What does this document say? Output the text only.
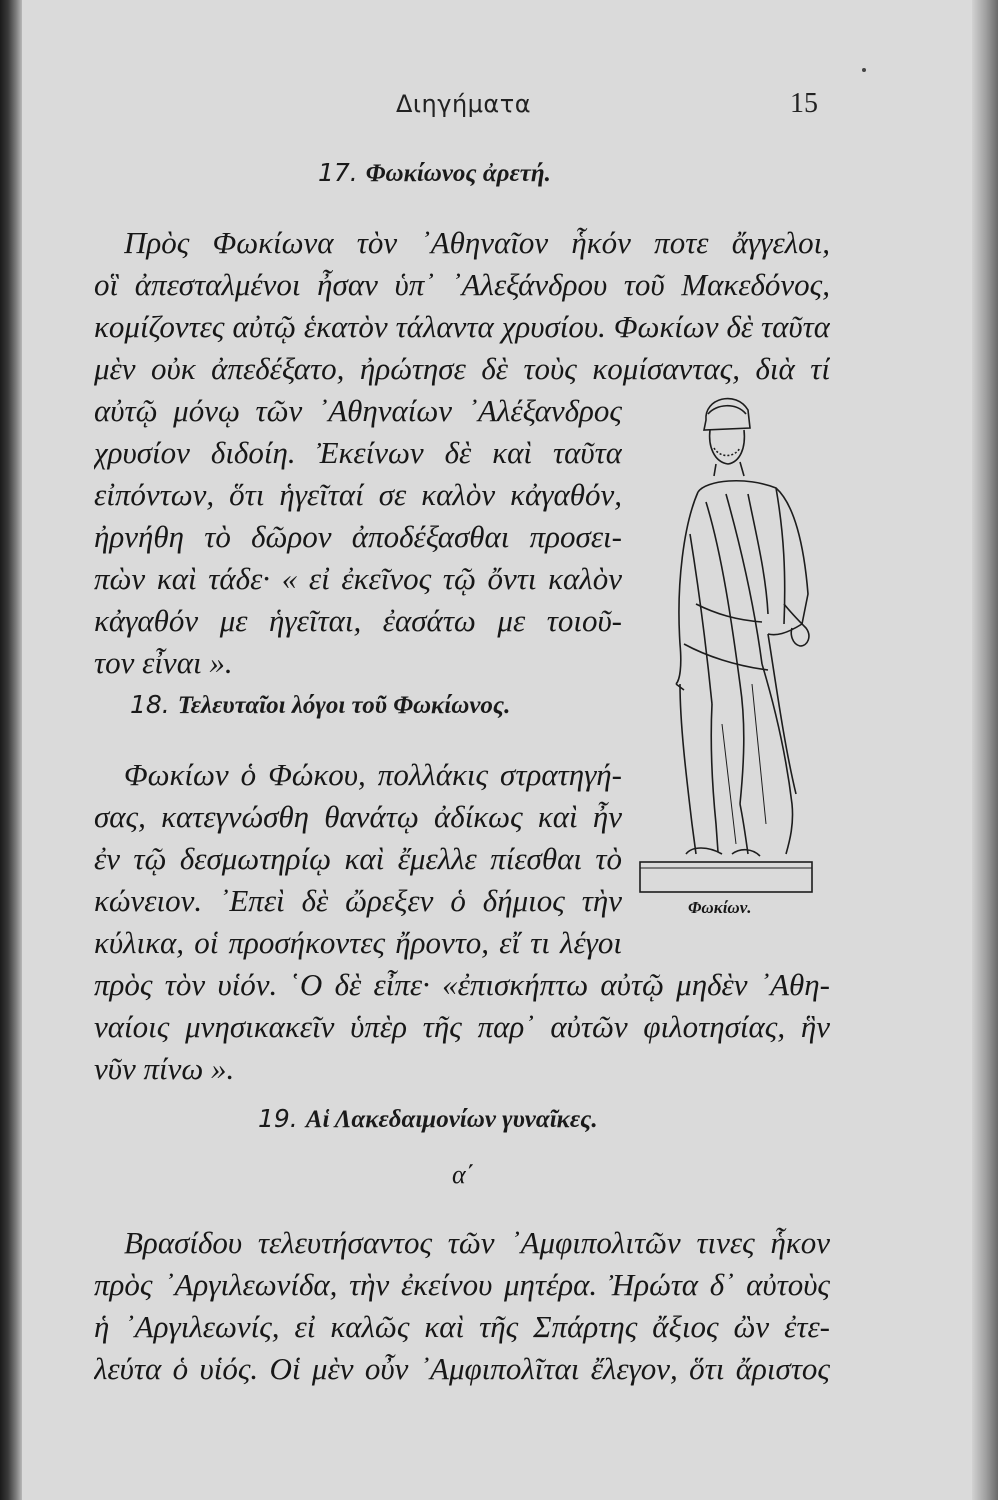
Διηγήματα	15
17. Φωκίωνος ἀρετή.
Πρὸς Φωκίωνα τὸν ᾿Αθηναῖον ἧκόν ποτε ἄγγελοι,
οἳ ἀπεσταλμένοι ἦσαν ὑπ᾿ ᾿Αλεξάνδρου τοῦ Μακεδόνος,
κομίζοντες αὐτῷ ἑκατὸν τάλαντα χρυσίου. Φωκίων δὲ ταῦτα
μὲν οὐκ ἀπεδέξατο, ἠρώτησε δὲ τοὺς κομίσαντας, διὰ τί
αὐτῷ μόνῳ τῶν ᾿Αθηναίων ᾿Αλέξανδρος
χρυσίον διδοίη. Ἐκείνων δὲ καὶ ταῦτα
εἰπόντων, ὅτι ἡγεῖταί σε καλὸν κἀγαθόν,
ἠρνήθη τὸ δῶρον ἀποδέξασθαι προσει-
πὼν καὶ τάδε· « εἰ ἐκεῖνος τῷ ὄντι καλὸν
κἀγαθόν με ἡγεῖται, ἐασάτω με τοιοῦ-
τον εἶναι ».
18. Τελευταῖοι λόγοι τοῦ Φωκίωνος.
Φωκίων ὁ Φώκου, πολλάκις στρατηγή-
σας, κατεγνώσθη θανάτῳ ἀδίκως καὶ ἦν
ἐν τῷ δεσμωτηρίῳ καὶ ἔμελλε πίεσθαι τὸ
κώνειον. ᾿Επεὶ δὲ ὤρεξεν ὁ δήμιος τὴν
κύλικα, οἱ προσήκοντες ἤροντο, εἴ τι λέγοι
πρὸς τὸν υἱόν. ῾Ο δὲ εἶπε· «ἐπισκήπτω αὐτῷ μηδὲν ᾿Αθη-
ναίοις μνησικακεῖν ὑπὲρ τῆς παρ᾿ αὐτῶν φιλοτησίας, ἣν
νῦν πίνω ».
19. Αἱ Λακεδαιμονίων γυναῖκες.
α΄
Βρασίδου τελευτήσαντος τῶν ᾿Αμφιπολιτῶν τινες ἧκον
πρὸς ᾿Αργιλεωνίδα, τὴν ἐκείνου μητέρα. Ἠρώτα δ᾿ αὐτοὺς
ἡ ᾿Αργιλεωνίς, εἰ καλῶς καὶ τῆς Σπάρτης ἄξιος ὢν ἐτε-
λεύτα ὁ υἱός. Οἱ μὲν οὖν ᾿Αμφιπολῖται ἔλεγον, ὅτι ἄριστος
Φωκίων.
